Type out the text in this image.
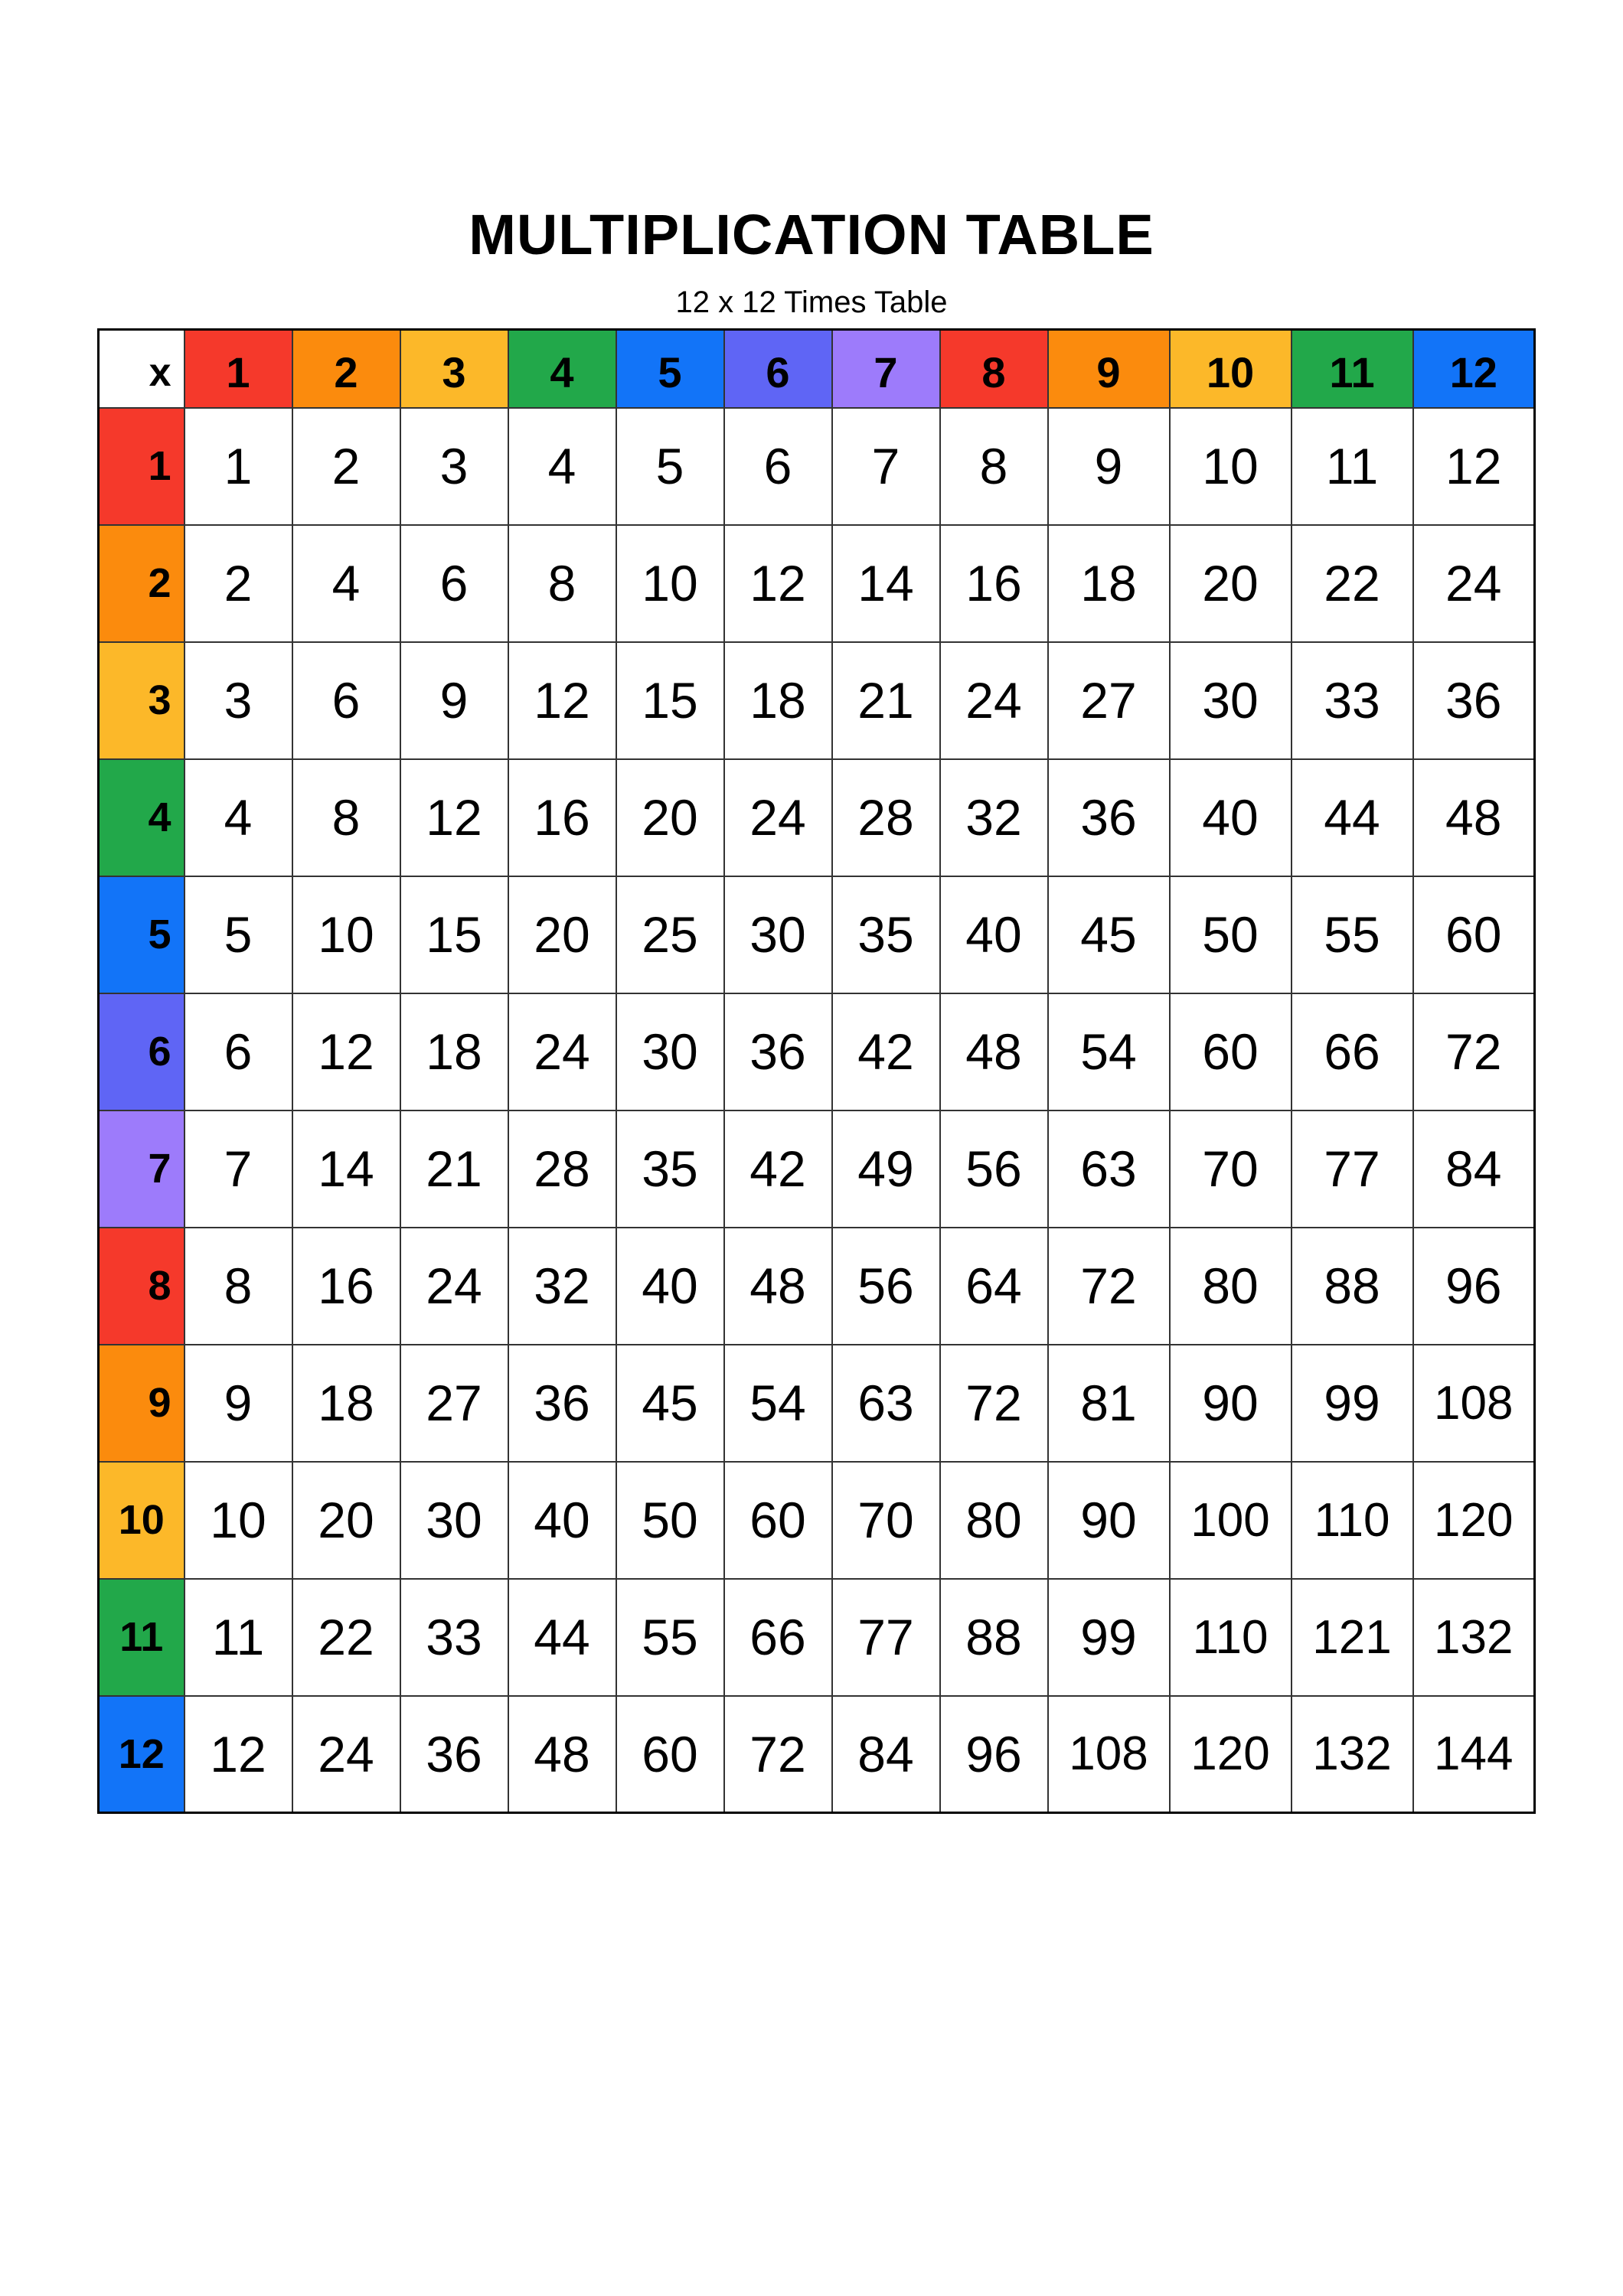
MULTIPLICATION TABLE
12 x 12 Times Table
x	1	2	3	4	5	6	7	8	9	10	11	12
1	1	2	3	4	5	6	7	8	9	10	11	12
2	2	4	6	8	10	12	14	16	18	20	22	24
3	3	6	9	12	15	18	21	24	27	30	33	36
4	4	8	12	16	20	24	28	32	36	40	44	48
5	5	10	15	20	25	30	35	40	45	50	55	60
6	6	12	18	24	30	36	42	48	54	60	66	72
7	7	14	21	28	35	42	49	56	63	70	77	84
8	8	16	24	32	40	48	56	64	72	80	88	96
9	9	18	27	36	45	54	63	72	81	90	99	108
10	10	20	30	40	50	60	70	80	90	100	110	120
11	11	22	33	44	55	66	77	88	99	110	121	132
12	12	24	36	48	60	72	84	96	108	120	132	144
